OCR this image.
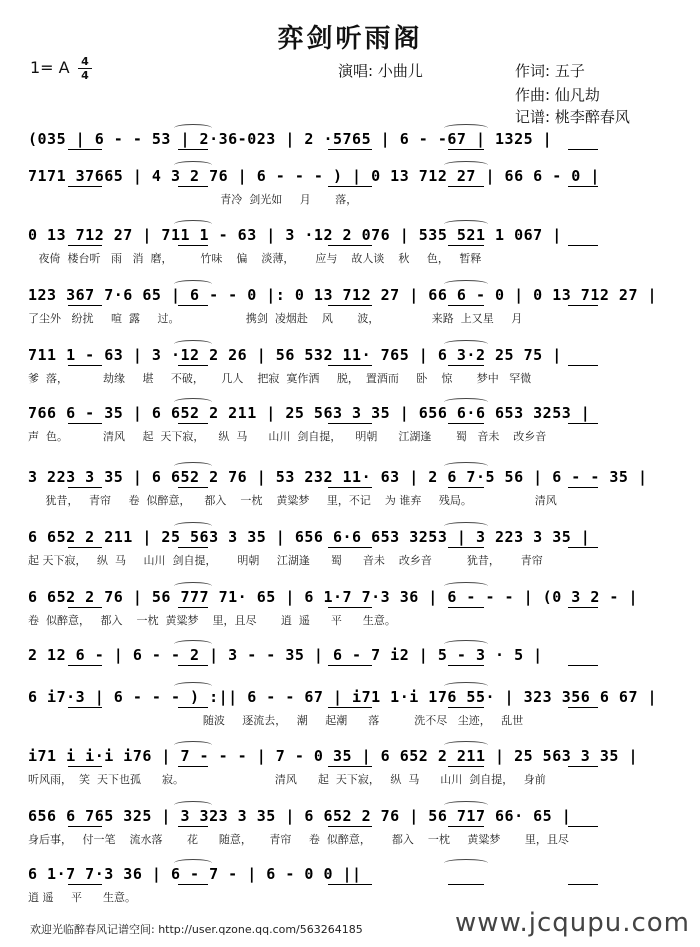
弈剑听雨阁
1= A 4
4	演唱: 小曲儿	作词: 五子
作曲: 仙凡劫
记谱: 桃李醉春风
(035 | 6 - - 53 | 2·36-023 | 2 ·5765 | 6 - -67 | 1325 |
7171 37665 | 4 3 2 76 | 6 - - - ) | 0 13 712 27 | 66 6 - 0 |
青冷  剑光如     月       落，
0 13 712 27 | 711 1 - 63 | 3 ·12 2 076 | 535 521 1 067 |
夜倚  楼台听   雨   消  磨，        竹味    偏    淡薄，      应与    故人谈    秋     色，   暂释
123 367 7·6 65 | 6 - - 0 |: 0 13 712 27 | 66 6 - 0 | 0 13 712 27 |
了尘外   纷扰     喧  露     过。                   携剑  凌烟赴    风       波，               来路  上又星     月
711 1 - 63 | 3 ·12 2 26 | 56 532 11· 765 | 6 3·2 25 75 |
爹  落，          劫缘     堪     不破，     几人    把寂  寞作洒     脱，  置酒而     卧    惊       梦中   罕微
766 6 - 35 | 6 652 2 211 | 25 563 3 35 | 656 6·6 653 3253 |
声  色。          清风     起  天下寂，    纵  马      山川  剑自提，    明朝      江湖逢       蜀   音未    改乡音
3 223 3 35 | 6 652 2 76 | 53 232 11· 63 | 2 6 7·5 56 | 6 - - 35 |
犹昔，   青帘     卷  似醉意，    都入    一枕    黄粱梦     里，不记    为 谁弃     残局。                  清风
6 652 2 211 | 25 563 3 35 | 656 6·6 653 3253 | 3 223 3 35 |
起 天下寂，   纵  马     山川  剑自提，      明朝     江湖逢      蜀      音未    改乡音          犹昔，      青帘
6 652 2 76 | 56 777 71· 65 | 6 1·7 7·3 36 | 6 - - - | (0 3 2 - |
卷  似醉意，   都入    一枕  黄粱梦    里，且尽       逍  遥      平      生意。
2 12 6 - | 6 - - 2 | 3 - - 35 | 6 - 7 i2 | 5 - 3 · 5 |
6 i7·3 | 6 - - - ) :|| 6 - - 67 | i71 1·i 176 55· | 323 356 6 67 |
随波     逐流去，   潮     起潮      落          洗不尽   尘迹，   乱世
i71 i i·i i76 | 7 - - - | 7 - 0 35 | 6 652 2 211 | 25 563 3 35 |
听风雨，  笑  天下也孤      寂。                          清风      起  天下寂，   纵  马      山川  剑自提，   身前
656 6 765 325 | 3 323 3 35 | 6 652 2 76 | 56 717 66· 65 |
身后事，   付一笔    流水落       花      随意，     青帘     卷  似醉意，      都入    一枕     黄粱梦       里，且尽
6 1·7 7·3 36 | 6 - 7 - | 6 - 0 0 ||
逍 遥     平      生意。
欢迎光临醉春风记谱空间: http://user.qzone.qq.com/563264185	www.jcqupu.com
